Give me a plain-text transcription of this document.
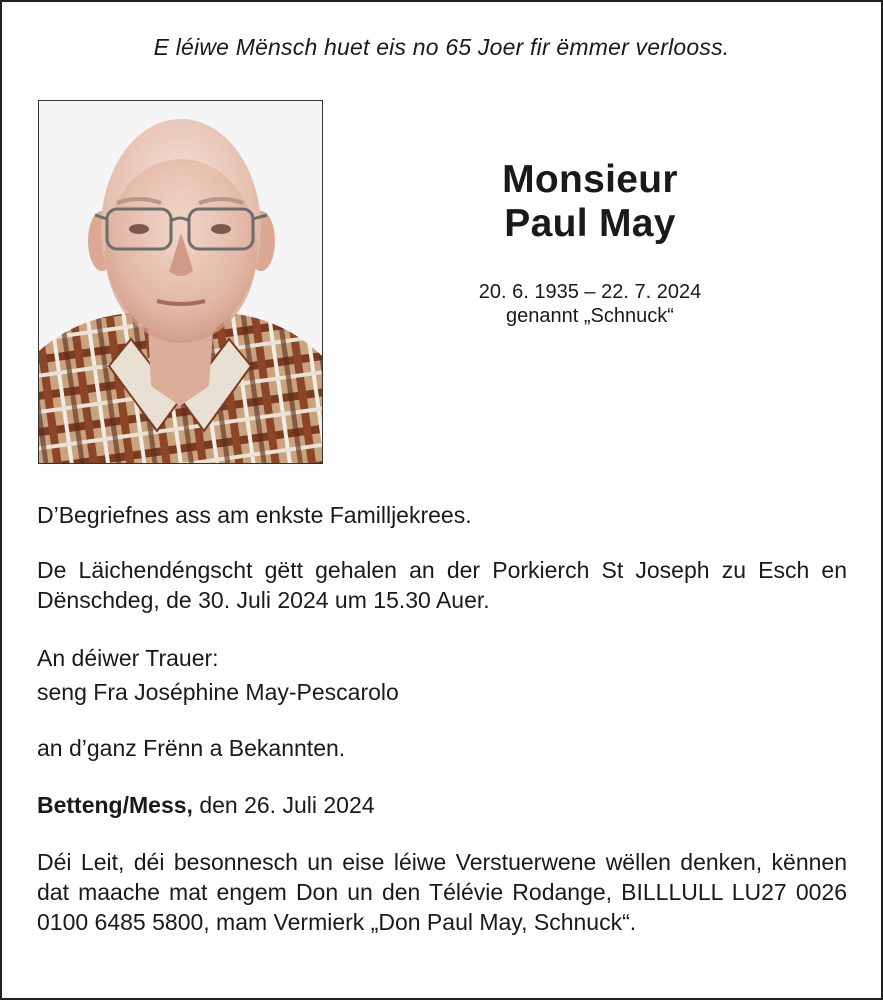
E léiwe Mënsch huet eis no 65 Joer fir ëmmer verlooss.
Monsieur
Paul May
20. 6. 1935 – 22. 7. 2024
genannt „Schnuck“
D’Begriefnes ass am enkste Familljekrees.
De Läichendéngscht gëtt gehalen an der Porkierch St Joseph zu Esch en Dënschdeg, de 30. Juli 2024 um 15.30 Auer.
An déiwer Trauer:
seng Fra Joséphine May-Pescarolo
an d’ganz Frënn a Bekannten.
Betteng/Mess, den 26. Juli 2024
Déi Leit, déi besonnesch un eise léiwe Verstuerwene wëllen denken, kënnen dat maache mat engem Don un den Télévie Rodange, BILLLULL LU27 0026 0100 6485 5800, mam Vermierk „Don Paul May, Schnuck“.
